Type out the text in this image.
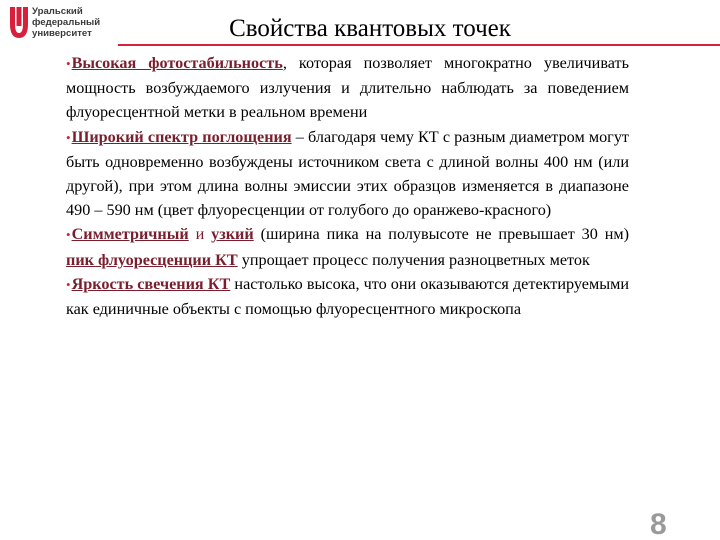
Уральский
федеральный
университет	Свойства квантовых точек

•Высокая фотостабильность, которая позволяет многократно увеличивать мощность возбуждаемого излучения и длительно наблюдать за поведением флуоресцентной метки в реальном времени

•Широкий спектр поглощения – благодаря чему КТ с разным диаметром могут быть одновременно возбуждены источником света с длиной волны 400 нм (или другой), при этом длина волны эмиссии этих образцов изменяется в диапазоне 490 – 590 нм (цвет флуоресценции от голубого до оранжево-красного)

•Симметричный и узкий (ширина пика на полувысоте не превышает 30 нм) пик флуоресценции КТ упрощает процесс получения разноцветных меток

•Яркость свечения КТ настолько высока, что они оказываются детектируемыми как единичные объекты с помощью флуоресцентного микроскопа

8
